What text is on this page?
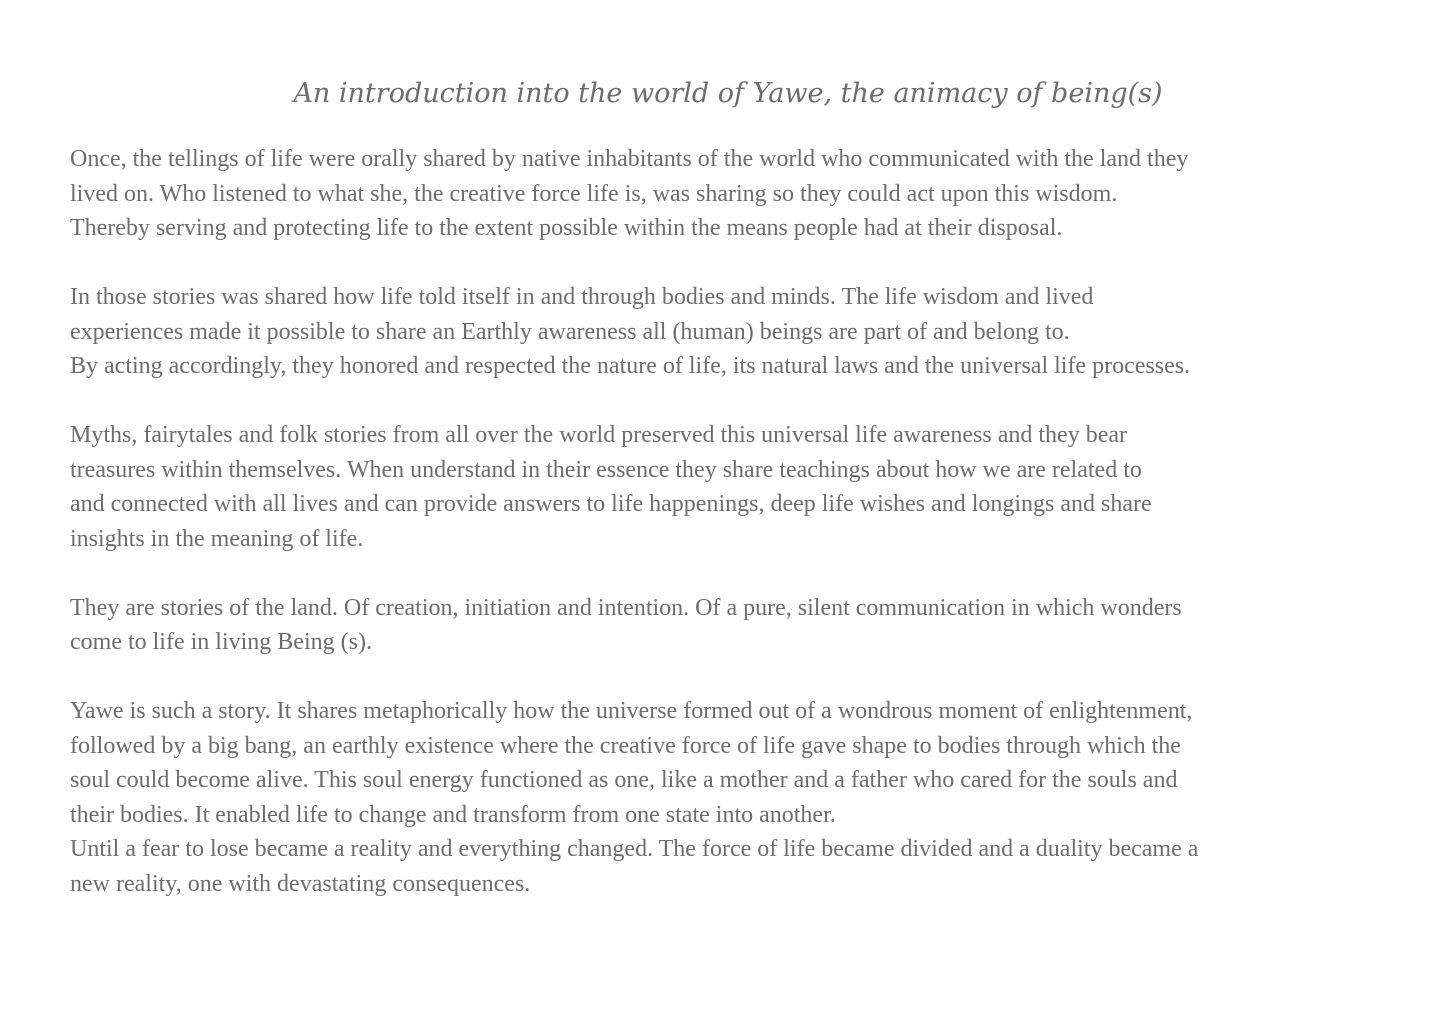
An introduction into the world of Yawe, the animacy of being(s)

Once, the tellings of life were orally shared by native inhabitants of the world who communicated with the land they
lived on. Who listened to what she, the creative force life is, was sharing so they could act upon this wisdom.
Thereby serving and protecting life to the extent possible within the means people had at their disposal.

In those stories was shared how life told itself in and through bodies and minds. The life wisdom and lived
experiences made it possible to share an Earthly awareness all (human) beings are part of and belong to.
By acting accordingly, they honored and respected the nature of life, its natural laws and the universal life processes.

Myths, fairytales and folk stories from all over the world preserved this universal life awareness and they bear
treasures within themselves. When understand in their essence they share teachings about how we are related to
and connected with all lives and can provide answers to life happenings, deep life wishes and longings and share
insights in the meaning of life.

They are stories of the land. Of creation, initiation and intention. Of a pure, silent communication in which wonders
come to life in living Being (s).

Yawe is such a story. It shares metaphorically how the universe formed out of a wondrous moment of enlightenment,
followed by a big bang, an earthly existence where the creative force of life gave shape to bodies through which the
soul could become alive. This soul energy functioned as one, like a mother and a father who cared for the souls and
their bodies. It enabled life to change and transform from one state into another.
Until a fear to lose became a reality and everything changed. The force of life became divided and a duality became a
new reality, one with devastating consequences.
